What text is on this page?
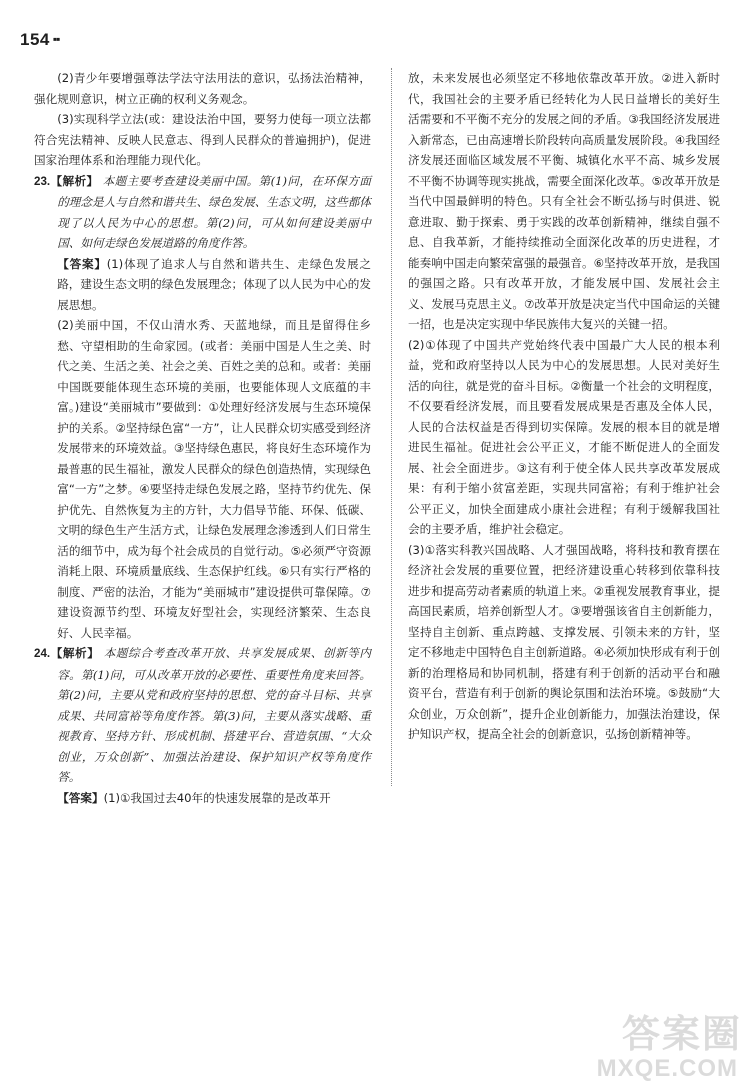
154 ▪▪

(2)青少年要增强尊法学法守法用法的意识，弘扬法治精神，强化规则意识，树立正确的权利义务观念。

(3)实现科学立法(或：建设法治中国，要努力使每一项立法都符合宪法精神、反映人民意志、得到人民群众的普遍拥护)，促进国家治理体系和治理能力现代化。

23.【解析】 本题主要考查建设美丽中国。第(1)问，在环保方面的理念是人与自然和谐共生、绿色发展、生态文明，这些都体现了以人民为中心的思想。第(2)问，可从如何建设美丽中国、如何走绿色发展道路的角度作答。
【答案】(1)体现了追求人与自然和谐共生、走绿色发展之路，建设生态文明的绿色发展理念；体现了以人民为中心的发展思想。

(2)美丽中国，不仅山清水秀、天蓝地绿，而且是留得住乡愁、守望相助的生命家园。(或者：美丽中国是人生之美、时代之美、生活之美、社会之美、百姓之美的总和。或者：美丽中国既要能体现生态环境的美丽，也要能体现人文底蕴的丰富。)建设“美丽城市”要做到：①处理好经济发展与生态环境保护的关系。②坚持绿色富“一方”，让人民群众切实感受到经济发展带来的环境效益。③坚持绿色惠民，将良好生态环境作为最普惠的民生福祉，激发人民群众的绿色创造热情，实现绿色富“一方”之梦。④要坚持走绿色发展之路，坚持节约优先、保护优先、自然恢复为主的方针，大力倡导节能、环保、低碳、文明的绿色生产生活方式，让绿色发展理念渗透到人们日常生活的细节中，成为每个社会成员的自觉行动。⑤必须严守资源消耗上限、环境质量底线、生态保护红线。⑥只有实行严格的制度、严密的法治，才能为“美丽城市”建设提供可靠保障。⑦建设资源节约型、环境友好型社会，实现经济繁荣、生态良好、人民幸福。

24.【解析】 本题综合考查改革开放、共享发展成果、创新等内容。第(1)问，可从改革开放的必要性、重要性角度来回答。第(2)问，主要从党和政府坚持的思想、党的奋斗目标、共享成果、共同富裕等角度作答。第(3)问，主要从落实战略、重视教育、坚持方针、形成机制、搭建平台、营造氛围、“大众创业，万众创新”、加强法治建设、保护知识产权等角度作答。
【答案】(1)①我国过去40年的快速发展靠的是改革开

放，未来发展也必须坚定不移地依靠改革开放。②进入新时代，我国社会的主要矛盾已经转化为人民日益增长的美好生活需要和不平衡不充分的发展之间的矛盾。③我国经济发展进入新常态，已由高速增长阶段转向高质量发展阶段。④我国经济发展还面临区域发展不平衡、城镇化水平不高、城乡发展不平衡不协调等现实挑战，需要全面深化改革。⑤改革开放是当代中国最鲜明的特色。只有全社会不断弘扬与时俱进、锐意进取、勤于探索、勇于实践的改革创新精神，继续自强不息、自我革新，才能持续推动全面深化改革的历史进程，才能奏响中国走向繁荣富强的最强音。⑥坚持改革开放，是我国的强国之路。只有改革开放，才能发展中国、发展社会主义、发展马克思主义。⑦改革开放是决定当代中国命运的关键一招，也是决定实现中华民族伟大复兴的关键一招。

(2)①体现了中国共产党始终代表中国最广大人民的根本利益，党和政府坚持以人民为中心的发展思想。人民对美好生活的向往，就是党的奋斗目标。②衡量一个社会的文明程度，不仅要看经济发展，而且要看发展成果是否惠及全体人民，人民的合法权益是否得到切实保障。发展的根本目的就是增进民生福祉。促进社会公平正义，才能不断促进人的全面发展、社会全面进步。③这有利于使全体人民共享改革发展成果：有利于缩小贫富差距，实现共同富裕；有利于维护社会公平正义，加快全面建成小康社会进程；有利于缓解我国社会的主要矛盾，维护社会稳定。

(3)①落实科教兴国战略、人才强国战略，将科技和教育摆在经济社会发展的重要位置，把经济建设重心转移到依靠科技进步和提高劳动者素质的轨道上来。②重视发展教育事业，提高国民素质，培养创新型人才。③要增强该省自主创新能力，坚持自主创新、重点跨越、支撑发展、引领未来的方针，坚定不移地走中国特色自主创新道路。④必须加快形成有利于创新的治理格局和协同机制，搭建有利于创新的活动平台和融资平台，营造有利于创新的舆论氛围和法治环境。⑤鼓励“大众创业，万众创新”，提升企业创新能力，加强法治建设，保护知识产权，提高全社会的创新意识，弘扬创新精神等。

答案圈
MXQE.COM
